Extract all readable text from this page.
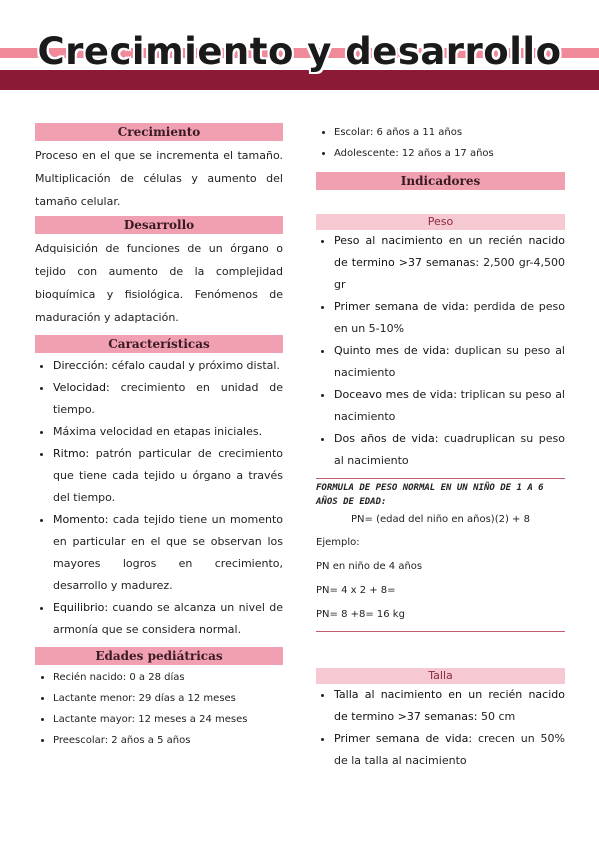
Crecimiento y desarrollo
Crecimiento

Proceso en el que se incrementa el tamaño. Multiplicación de células y aumento del tamaño celular.

Desarrollo

Adquisición de funciones de un órgano o tejido con aumento de la complejidad bioquímica y fisiológica. Fenómenos de maduración y adaptación.

Características
• Dirección: céfalo caudal y próximo distal.
• Velocidad: crecimiento en unidad de tiempo.
• Máxima velocidad en etapas iniciales.
• Ritmo: patrón particular de crecimiento que tiene cada tejido u órgano a través del tiempo.
• Momento: cada tejido tiene un momento en particular en el que se observan los mayores logros en crecimiento, desarrollo y madurez.
• Equilibrio: cuando se alcanza un nivel de armonía que se considera normal.
Edades pediátricas
• Recién nacido: 0 a 28 días
• Lactante menor: 29 días a 12 meses
• Lactante mayor: 12 meses a 24 meses
• Preescolar: 2 años a 5 años
• Escolar: 6 años a 11 años
• Adolescente: 12 años a 17 años
Indicadores
Peso
• Peso al nacimiento en un recién nacido de termino >37 semanas: 2,500 gr-4,500 gr
• Primer semana de vida: perdida de peso en un 5-10%
• Quinto mes de vida: duplican su peso al nacimiento
• Doceavo mes de vida: triplican su peso al nacimiento
• Dos años de vida: cuadruplican su peso al nacimiento
FORMULA DE PESO NORMAL EN UN NIÑO DE 1 A 6 AÑOS DE EDAD:
PN= (edad del niño en años)(2) + 8
Ejemplo:
PN en niño de 4 años
PN= 4 x 2 + 8=
PN= 8 +8= 16 kg
Talla
• Talla al nacimiento en un recién nacido de termino >37 semanas: 50 cm
• Primer semana de vida: crecen un 50% de la talla al nacimiento
